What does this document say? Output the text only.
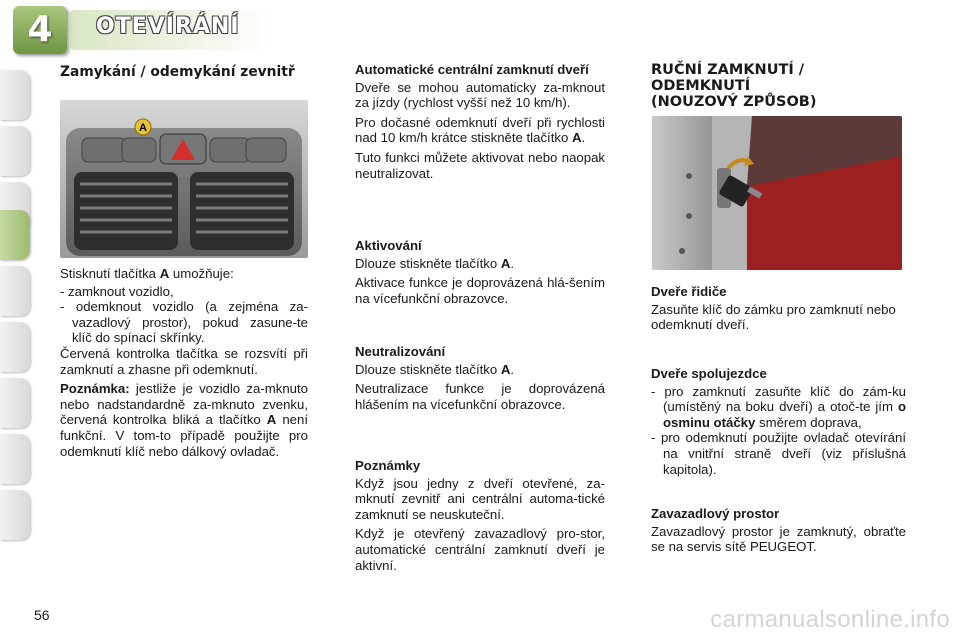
4	OTEVÍRÁNÍ
Zamykání / odemykání zevnitř
A

Stisknutí tlačítka A umožňuje:

- zamknout vozidlo,

- odemknout vozidlo (a zejména za-vazadlový prostor), pokud zasune-te klíč do spínací skřínky.

Červená kontrolka tlačítka se rozsvítí při zamknutí a zhasne při odemknutí.

Poznámka: jestliže je vozidlo za-mknuto nebo nadstandardně za-mknuto zvenku, červená kontrolka bliká a tlačítko A není funkční. V tom-to případě použijte pro odemknutí klíč nebo dálkový ovladač.

Automatické centrální zamknutí dveří

Dveře se mohou automaticky za-mknout za jízdy (rychlost vyšší než 10 km/h).

Pro dočasné odemknutí dveří při rychlosti nad 10 km/h krátce stiskněte tlačítko A.

Tuto funkci můžete aktivovat nebo naopak neutralizovat.

Aktivování

Dlouze stiskněte tlačítko A.

Aktivace funkce je doprovázená hlá-šením na vícefunkční obrazovce.

Neutralizování

Dlouze stiskněte tlačítko A.

Neutralizace funkce je doprovázená hlášením na vícefunkční obrazovce.

Poznámky

Když jsou jedny z dveří otevřené, za-mknutí zevnitř ani centrální automa-tické zamknutí se neuskuteční.

Když je otevřený zavazadlový pro-stor, automatické centrální zamknutí dveří je aktivní.

RUČNÍ ZAMKNUTÍ /
ODEMKNUTÍ
(NOUZOVÝ ZPŮSOB)
Dveře řidiče

Zasuňte klíč do zámku pro zamknutí nebo odemknutí dveří.

Dveře spolujezdce

- pro zamknutí zasuňte klíč do zám-ku (umístěný na boku dveří) a otoč-te jím o osminu otáčky směrem doprava,

- pro odemknutí použijte ovladač otevírání na vnitřní straně dveří (viz příslušná kapitola).

Zavazadlový prostor

Zavazadlový prostor je zamknutý, obraťte se na servis sítě PEUGEOT.

56	carmanualsonline.info
